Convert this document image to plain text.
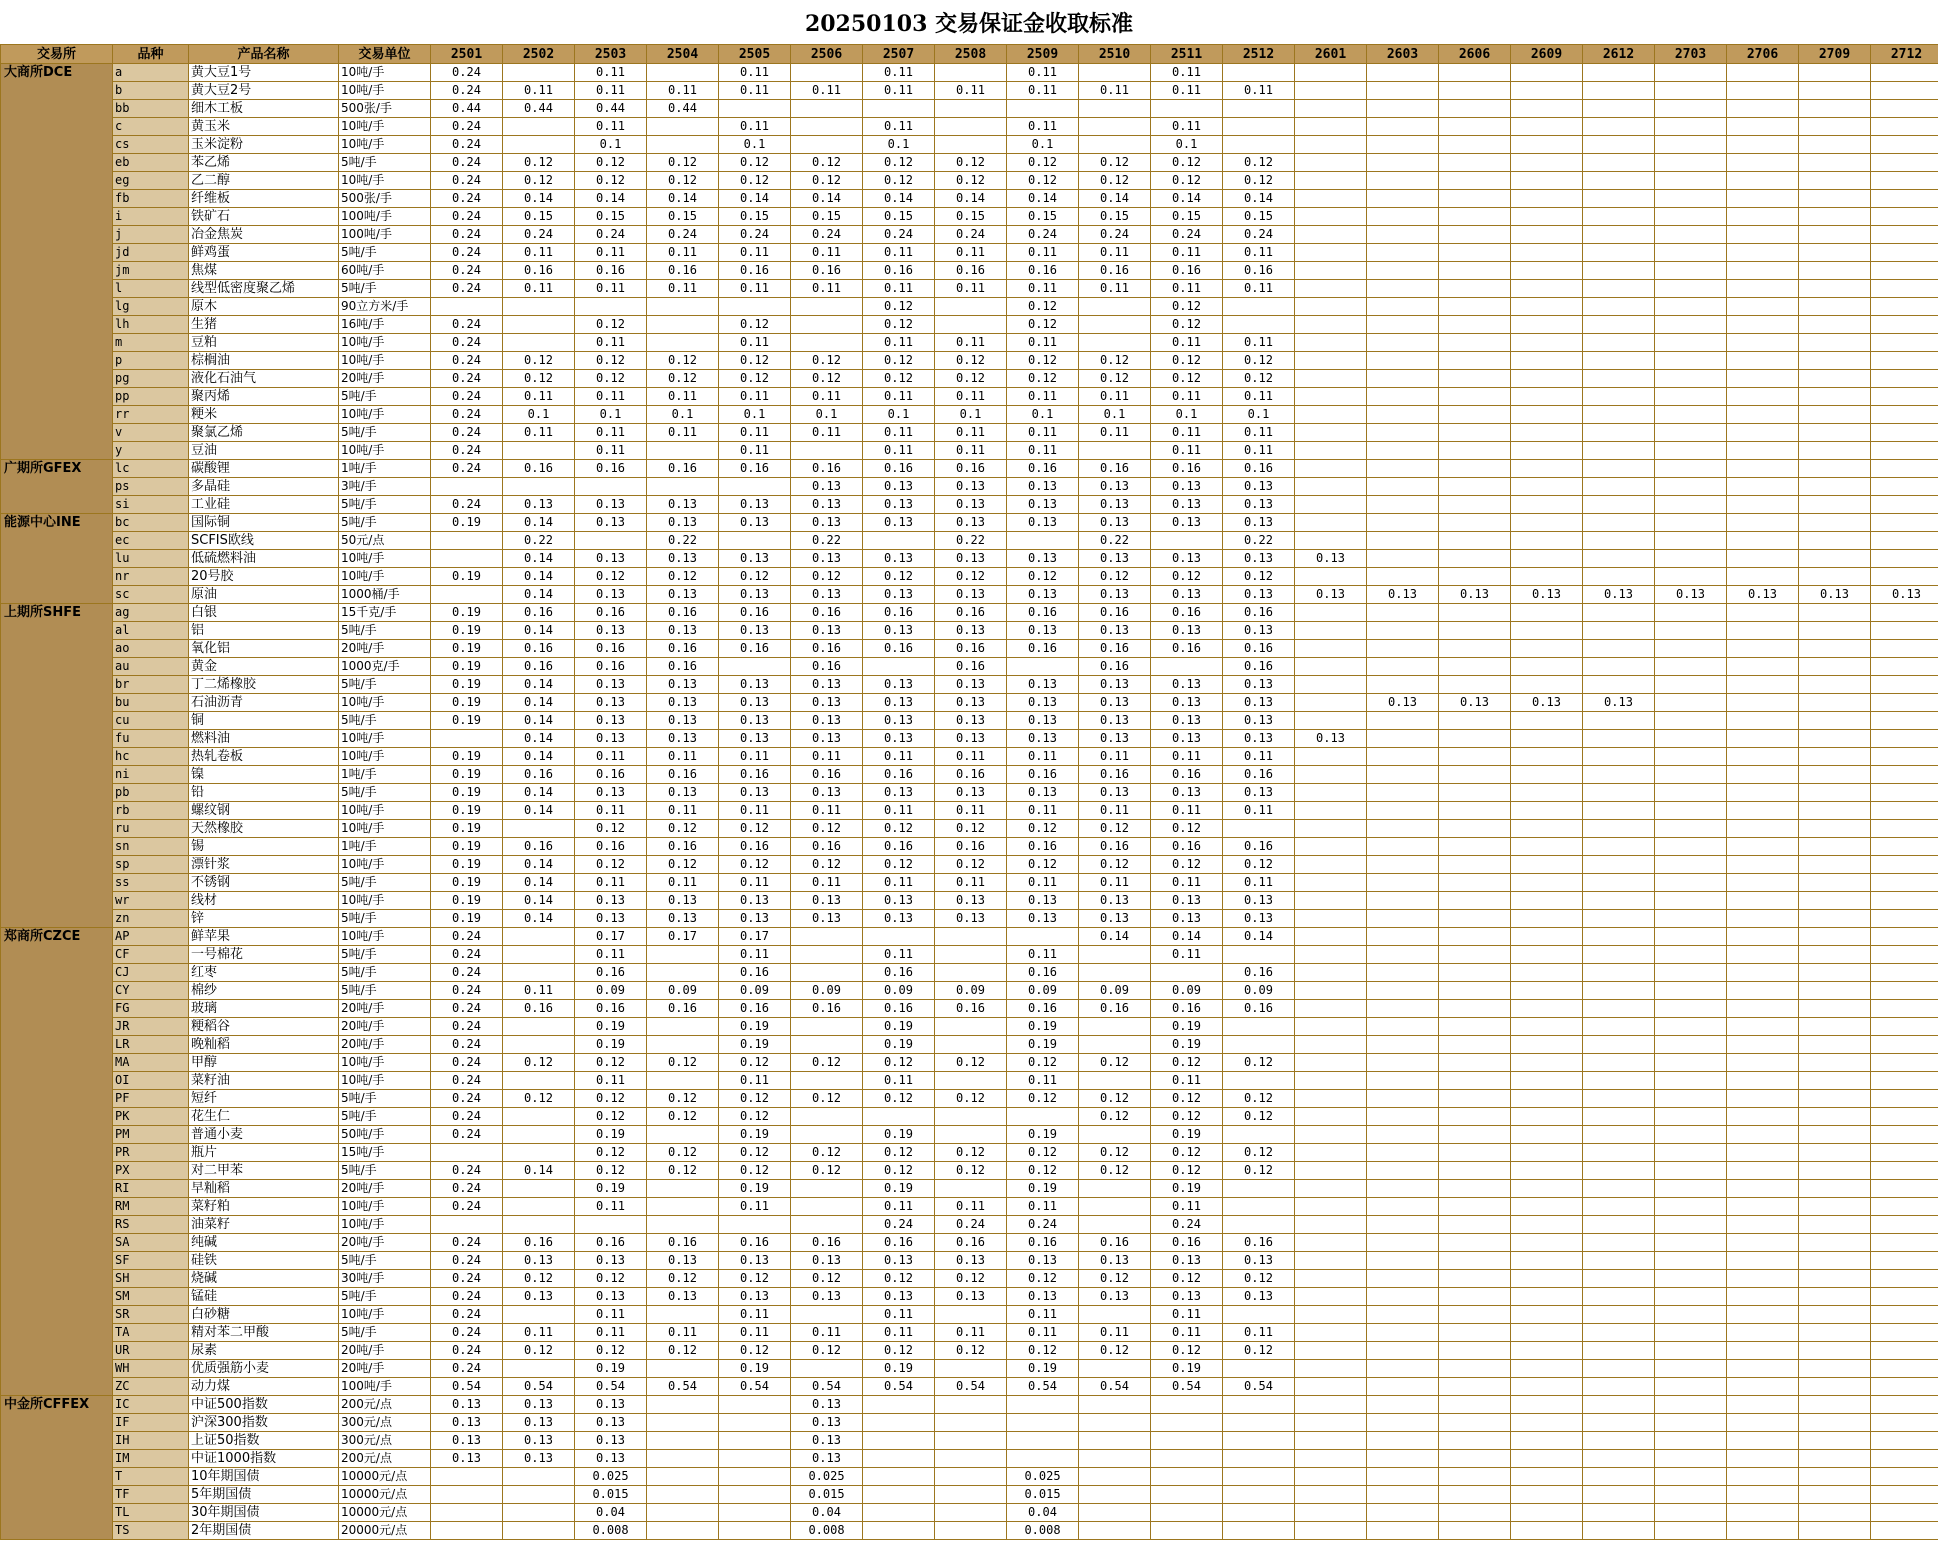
20250103 交易保证金收取标准
交易所	品种	产品名称	交易单位	2501	2502	2503	2504	2505	2506	2507	2508	2509	2510	2511	2512	2601	2603	2606	2609	2612	2703	2706	2709	2712
大商所DCE	a	黄大豆1号	10吨/手	0.24		0.11		0.11		0.11		0.11		0.11										
	b	黄大豆2号	10吨/手	0.24	0.11	0.11	0.11	0.11	0.11	0.11	0.11	0.11	0.11	0.11	0.11									
	bb	细木工板	500张/手	0.44	0.44	0.44	0.44																	
	c	黄玉米	10吨/手	0.24		0.11		0.11		0.11		0.11		0.11										
	cs	玉米淀粉	10吨/手	0.24		0.1		0.1		0.1		0.1		0.1										
	eb	苯乙烯	5吨/手	0.24	0.12	0.12	0.12	0.12	0.12	0.12	0.12	0.12	0.12	0.12	0.12									
	eg	乙二醇	10吨/手	0.24	0.12	0.12	0.12	0.12	0.12	0.12	0.12	0.12	0.12	0.12	0.12									
	fb	纤维板	500张/手	0.24	0.14	0.14	0.14	0.14	0.14	0.14	0.14	0.14	0.14	0.14	0.14									
	i	铁矿石	100吨/手	0.24	0.15	0.15	0.15	0.15	0.15	0.15	0.15	0.15	0.15	0.15	0.15									
	j	冶金焦炭	100吨/手	0.24	0.24	0.24	0.24	0.24	0.24	0.24	0.24	0.24	0.24	0.24	0.24									
	jd	鲜鸡蛋	5吨/手	0.24	0.11	0.11	0.11	0.11	0.11	0.11	0.11	0.11	0.11	0.11	0.11									
	jm	焦煤	60吨/手	0.24	0.16	0.16	0.16	0.16	0.16	0.16	0.16	0.16	0.16	0.16	0.16									
	l	线型低密度聚乙烯	5吨/手	0.24	0.11	0.11	0.11	0.11	0.11	0.11	0.11	0.11	0.11	0.11	0.11									
	lg	原木	90立方米/手							0.12		0.12		0.12										
	lh	生猪	16吨/手	0.24		0.12		0.12		0.12		0.12		0.12										
	m	豆粕	10吨/手	0.24		0.11		0.11		0.11	0.11	0.11		0.11	0.11									
	p	棕榈油	10吨/手	0.24	0.12	0.12	0.12	0.12	0.12	0.12	0.12	0.12	0.12	0.12	0.12									
	pg	液化石油气	20吨/手	0.24	0.12	0.12	0.12	0.12	0.12	0.12	0.12	0.12	0.12	0.12	0.12									
	pp	聚丙烯	5吨/手	0.24	0.11	0.11	0.11	0.11	0.11	0.11	0.11	0.11	0.11	0.11	0.11									
	rr	粳米	10吨/手	0.24	0.1	0.1	0.1	0.1	0.1	0.1	0.1	0.1	0.1	0.1	0.1									
	v	聚氯乙烯	5吨/手	0.24	0.11	0.11	0.11	0.11	0.11	0.11	0.11	0.11	0.11	0.11	0.11									
	y	豆油	10吨/手	0.24		0.11		0.11		0.11	0.11	0.11		0.11	0.11									
广期所GFEX	lc	碳酸锂	1吨/手	0.24	0.16	0.16	0.16	0.16	0.16	0.16	0.16	0.16	0.16	0.16	0.16									
	ps	多晶硅	3吨/手						0.13	0.13	0.13	0.13	0.13	0.13	0.13									
	si	工业硅	5吨/手	0.24	0.13	0.13	0.13	0.13	0.13	0.13	0.13	0.13	0.13	0.13	0.13									
能源中心INE	bc	国际铜	5吨/手	0.19	0.14	0.13	0.13	0.13	0.13	0.13	0.13	0.13	0.13	0.13	0.13									
	ec	SCFIS欧线	50元/点		0.22		0.22		0.22		0.22		0.22		0.22									
	lu	低硫燃料油	10吨/手		0.14	0.13	0.13	0.13	0.13	0.13	0.13	0.13	0.13	0.13	0.13	0.13								
	nr	20号胶	10吨/手	0.19	0.14	0.12	0.12	0.12	0.12	0.12	0.12	0.12	0.12	0.12	0.12									
	sc	原油	1000桶/手		0.14	0.13	0.13	0.13	0.13	0.13	0.13	0.13	0.13	0.13	0.13	0.13	0.13	0.13	0.13	0.13	0.13	0.13	0.13	0.13
上期所SHFE	ag	白银	15千克/手	0.19	0.16	0.16	0.16	0.16	0.16	0.16	0.16	0.16	0.16	0.16	0.16									
	al	铝	5吨/手	0.19	0.14	0.13	0.13	0.13	0.13	0.13	0.13	0.13	0.13	0.13	0.13									
	ao	氧化铝	20吨/手	0.19	0.16	0.16	0.16	0.16	0.16	0.16	0.16	0.16	0.16	0.16	0.16									
	au	黄金	1000克/手	0.19	0.16	0.16	0.16		0.16		0.16		0.16		0.16									
	br	丁二烯橡胶	5吨/手	0.19	0.14	0.13	0.13	0.13	0.13	0.13	0.13	0.13	0.13	0.13	0.13									
	bu	石油沥青	10吨/手	0.19	0.14	0.13	0.13	0.13	0.13	0.13	0.13	0.13	0.13	0.13	0.13		0.13	0.13	0.13	0.13				
	cu	铜	5吨/手	0.19	0.14	0.13	0.13	0.13	0.13	0.13	0.13	0.13	0.13	0.13	0.13									
	fu	燃料油	10吨/手		0.14	0.13	0.13	0.13	0.13	0.13	0.13	0.13	0.13	0.13	0.13	0.13								
	hc	热轧卷板	10吨/手	0.19	0.14	0.11	0.11	0.11	0.11	0.11	0.11	0.11	0.11	0.11	0.11									
	ni	镍	1吨/手	0.19	0.16	0.16	0.16	0.16	0.16	0.16	0.16	0.16	0.16	0.16	0.16									
	pb	铅	5吨/手	0.19	0.14	0.13	0.13	0.13	0.13	0.13	0.13	0.13	0.13	0.13	0.13									
	rb	螺纹钢	10吨/手	0.19	0.14	0.11	0.11	0.11	0.11	0.11	0.11	0.11	0.11	0.11	0.11									
	ru	天然橡胶	10吨/手	0.19		0.12	0.12	0.12	0.12	0.12	0.12	0.12	0.12	0.12										
	sn	锡	1吨/手	0.19	0.16	0.16	0.16	0.16	0.16	0.16	0.16	0.16	0.16	0.16	0.16									
	sp	漂针浆	10吨/手	0.19	0.14	0.12	0.12	0.12	0.12	0.12	0.12	0.12	0.12	0.12	0.12									
	ss	不锈钢	5吨/手	0.19	0.14	0.11	0.11	0.11	0.11	0.11	0.11	0.11	0.11	0.11	0.11									
	wr	线材	10吨/手	0.19	0.14	0.13	0.13	0.13	0.13	0.13	0.13	0.13	0.13	0.13	0.13									
	zn	锌	5吨/手	0.19	0.14	0.13	0.13	0.13	0.13	0.13	0.13	0.13	0.13	0.13	0.13									
郑商所CZCE	AP	鲜苹果	10吨/手	0.24		0.17	0.17	0.17					0.14	0.14	0.14									
	CF	一号棉花	5吨/手	0.24		0.11		0.11		0.11		0.11		0.11										
	CJ	红枣	5吨/手	0.24		0.16		0.16		0.16		0.16			0.16									
	CY	棉纱	5吨/手	0.24	0.11	0.09	0.09	0.09	0.09	0.09	0.09	0.09	0.09	0.09	0.09									
	FG	玻璃	20吨/手	0.24	0.16	0.16	0.16	0.16	0.16	0.16	0.16	0.16	0.16	0.16	0.16									
	JR	粳稻谷	20吨/手	0.24		0.19		0.19		0.19		0.19		0.19										
	LR	晚籼稻	20吨/手	0.24		0.19		0.19		0.19		0.19		0.19										
	MA	甲醇	10吨/手	0.24	0.12	0.12	0.12	0.12	0.12	0.12	0.12	0.12	0.12	0.12	0.12									
	OI	菜籽油	10吨/手	0.24		0.11		0.11		0.11		0.11		0.11										
	PF	短纤	5吨/手	0.24	0.12	0.12	0.12	0.12	0.12	0.12	0.12	0.12	0.12	0.12	0.12									
	PK	花生仁	5吨/手	0.24		0.12	0.12	0.12					0.12	0.12	0.12									
	PM	普通小麦	50吨/手	0.24		0.19		0.19		0.19		0.19		0.19										
	PR	瓶片	15吨/手			0.12	0.12	0.12	0.12	0.12	0.12	0.12	0.12	0.12	0.12									
	PX	对二甲苯	5吨/手	0.24	0.14	0.12	0.12	0.12	0.12	0.12	0.12	0.12	0.12	0.12	0.12									
	RI	早籼稻	20吨/手	0.24		0.19		0.19		0.19		0.19		0.19										
	RM	菜籽粕	10吨/手	0.24		0.11		0.11		0.11	0.11	0.11		0.11										
	RS	油菜籽	10吨/手							0.24	0.24	0.24		0.24										
	SA	纯碱	20吨/手	0.24	0.16	0.16	0.16	0.16	0.16	0.16	0.16	0.16	0.16	0.16	0.16									
	SF	硅铁	5吨/手	0.24	0.13	0.13	0.13	0.13	0.13	0.13	0.13	0.13	0.13	0.13	0.13									
	SH	烧碱	30吨/手	0.24	0.12	0.12	0.12	0.12	0.12	0.12	0.12	0.12	0.12	0.12	0.12									
	SM	锰硅	5吨/手	0.24	0.13	0.13	0.13	0.13	0.13	0.13	0.13	0.13	0.13	0.13	0.13									
	SR	白砂糖	10吨/手	0.24		0.11		0.11		0.11		0.11		0.11										
	TA	精对苯二甲酸	5吨/手	0.24	0.11	0.11	0.11	0.11	0.11	0.11	0.11	0.11	0.11	0.11	0.11									
	UR	尿素	20吨/手	0.24	0.12	0.12	0.12	0.12	0.12	0.12	0.12	0.12	0.12	0.12	0.12									
	WH	优质强筋小麦	20吨/手	0.24		0.19		0.19		0.19		0.19		0.19										
	ZC	动力煤	100吨/手	0.54	0.54	0.54	0.54	0.54	0.54	0.54	0.54	0.54	0.54	0.54	0.54									
中金所CFFEX	IC	中证500指数	200元/点	0.13	0.13	0.13			0.13															
	IF	沪深300指数	300元/点	0.13	0.13	0.13			0.13															
	IH	上证50指数	300元/点	0.13	0.13	0.13			0.13															
	IM	中证1000指数	200元/点	0.13	0.13	0.13			0.13															
	T	10年期国债	10000元/点			0.025			0.025			0.025												
	TF	5年期国债	10000元/点			0.015			0.015			0.015												
	TL	30年期国债	10000元/点			0.04			0.04			0.04												
	TS	2年期国债	20000元/点			0.008			0.008			0.008												
